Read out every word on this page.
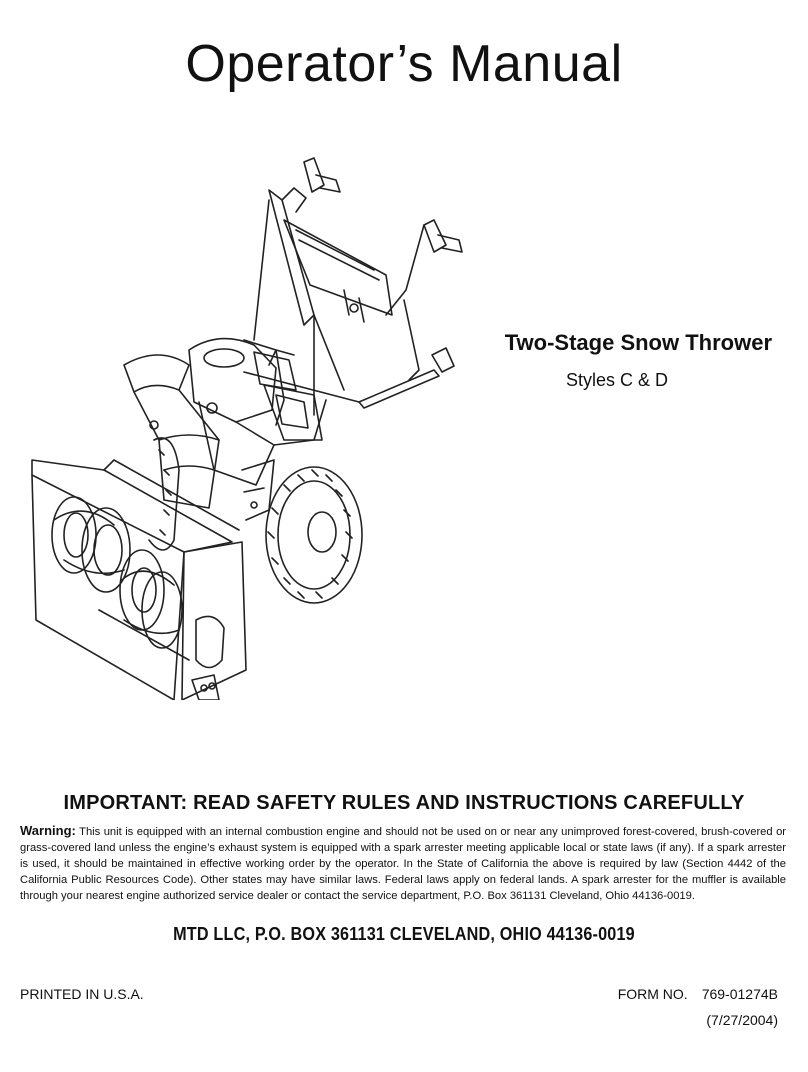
Operator’s Manual
Two-Stage Snow Thrower

Styles C & D

IMPORTANT: READ SAFETY RULES AND INSTRUCTIONS CAREFULLY

Warning: This unit is equipped with an internal combustion engine and should not be used on or near any unimproved forest-covered, brush-covered or grass-covered land unless the engine’s exhaust system is equipped with a spark arrester meeting applicable local or state laws (if any). If a spark arrester is used, it should be maintained in effective working order by the operator. In the State of California the above is required by law (Section 4442 of the California Public Resources Code). Other states may have similar laws. Federal laws apply on federal lands. A spark arrester for the muffler is available through your nearest engine authorized service dealer or contact the service department, P.O. Box 361131 Cleveland, Ohio 44136-0019.

MTD LLC, P.O. BOX 361131 CLEVELAND, OHIO 44136-0019

PRINTED IN U.S.A.	FORM NO. 769-01274B

(7/27/2004)
